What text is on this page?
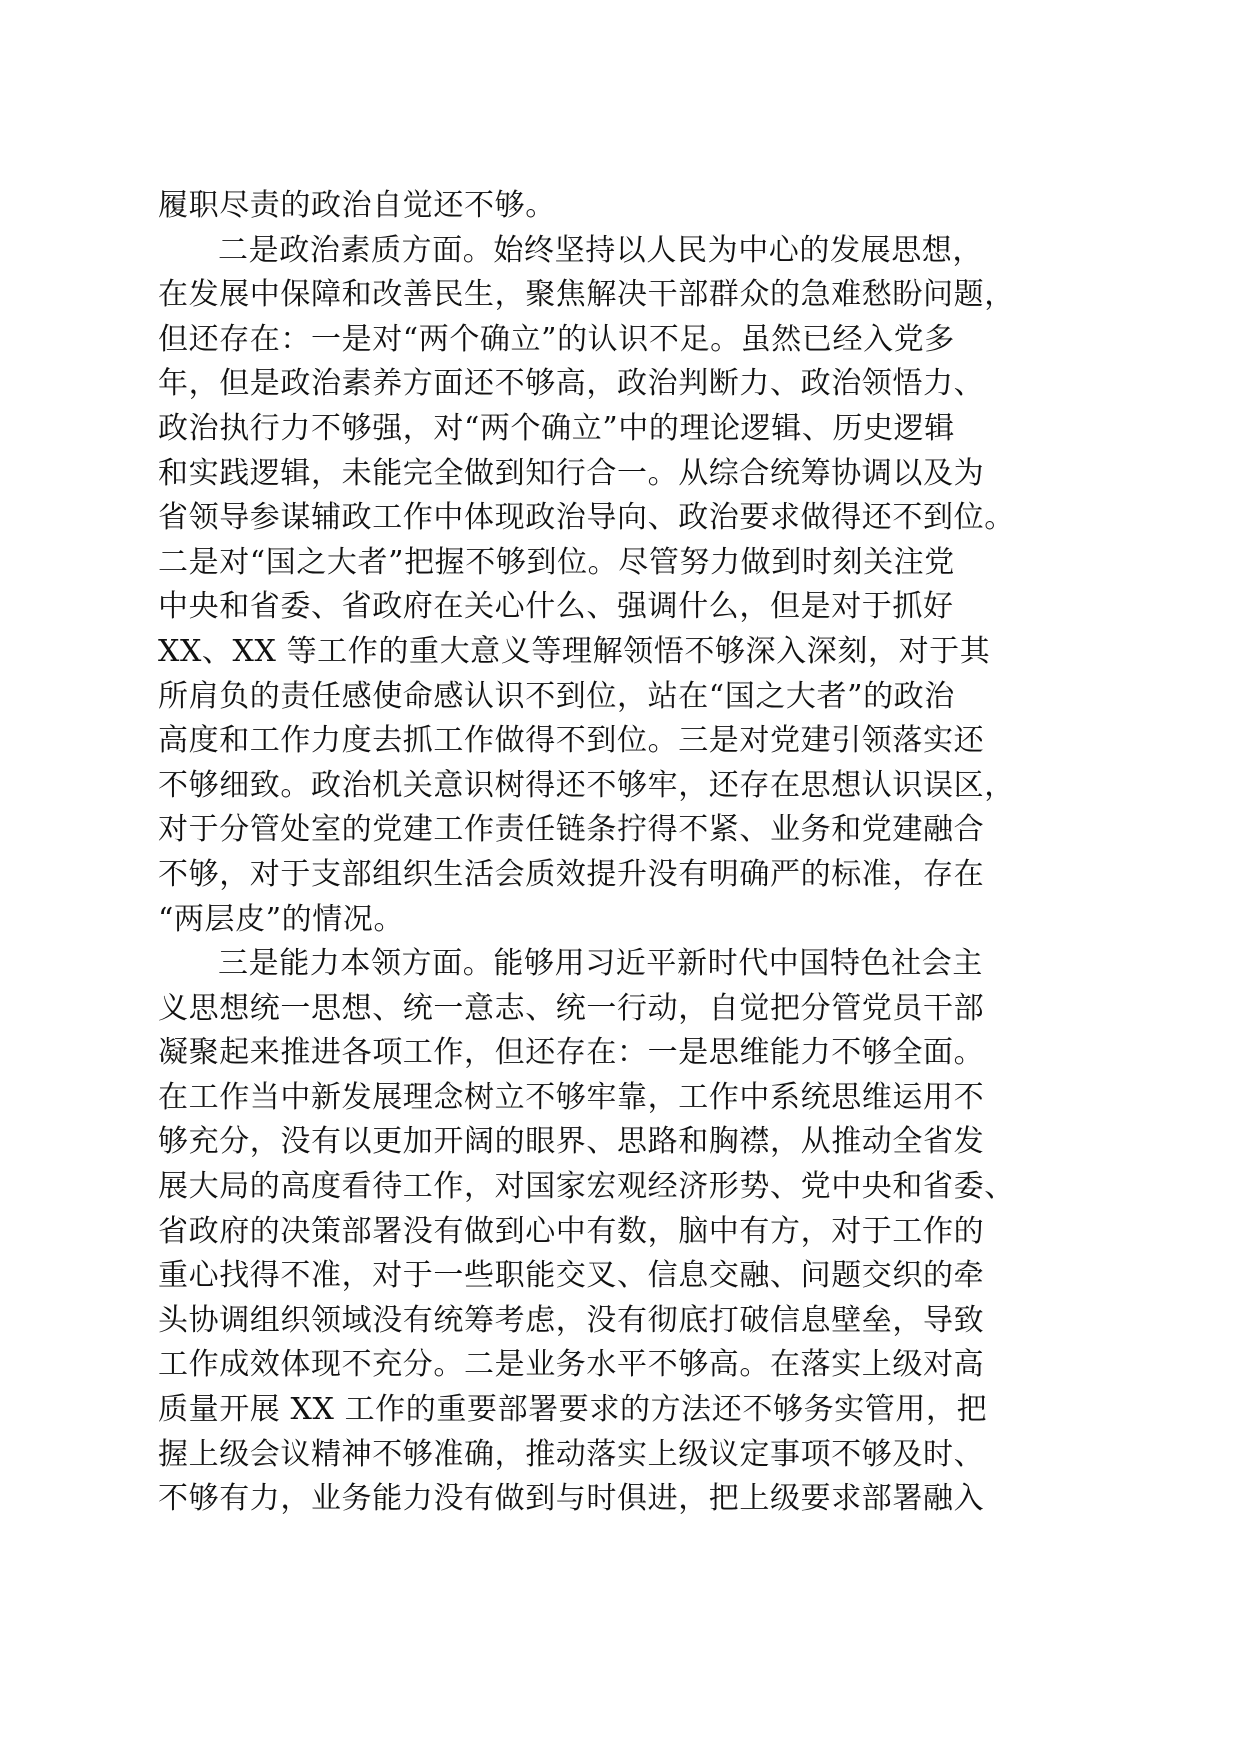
履职尽责的政治自觉还不够。
二是政治素质方面。始终坚持以人民为中心的发展思想，
在发展中保障和改善民生，聚焦解决干部群众的急难愁盼问题，
但还存在：一是对“两个确立”的认识不足。虽然已经入党多
年，但是政治素养方面还不够高，政治判断力、政治领悟力、
政治执行力不够强，对“两个确立”中的理论逻辑、历史逻辑
和实践逻辑，未能完全做到知行合一。从综合统筹协调以及为
省领导参谋辅政工作中体现政治导向、政治要求做得还不到位。
二是对“国之大者”把握不够到位。尽管努力做到时刻关注党
中央和省委、省政府在关心什么、强调什么，但是对于抓好
XX、XX 等工作的重大意义等理解领悟不够深入深刻，对于其
所肩负的责任感使命感认识不到位，站在“国之大者”的政治
高度和工作力度去抓工作做得不到位。三是对党建引领落实还
不够细致。政治机关意识树得还不够牢，还存在思想认识误区，
对于分管处室的党建工作责任链条拧得不紧、业务和党建融合
不够，对于支部组织生活会质效提升没有明确严的标准，存在
“两层皮”的情况。
三是能力本领方面。能够用习近平新时代中国特色社会主
义思想统一思想、统一意志、统一行动，自觉把分管党员干部
凝聚起来推进各项工作，但还存在：一是思维能力不够全面。
在工作当中新发展理念树立不够牢靠，工作中系统思维运用不
够充分，没有以更加开阔的眼界、思路和胸襟，从推动全省发
展大局的高度看待工作，对国家宏观经济形势、党中央和省委、
省政府的决策部署没有做到心中有数，脑中有方，对于工作的
重心找得不准，对于一些职能交叉、信息交融、问题交织的牵
头协调组织领域没有统筹考虑，没有彻底打破信息壁垒，导致
工作成效体现不充分。二是业务水平不够高。在落实上级对高
质量开展 XX 工作的重要部署要求的方法还不够务实管用，把
握上级会议精神不够准确，推动落实上级议定事项不够及时、
不够有力，业务能力没有做到与时俱进，把上级要求部署融入
